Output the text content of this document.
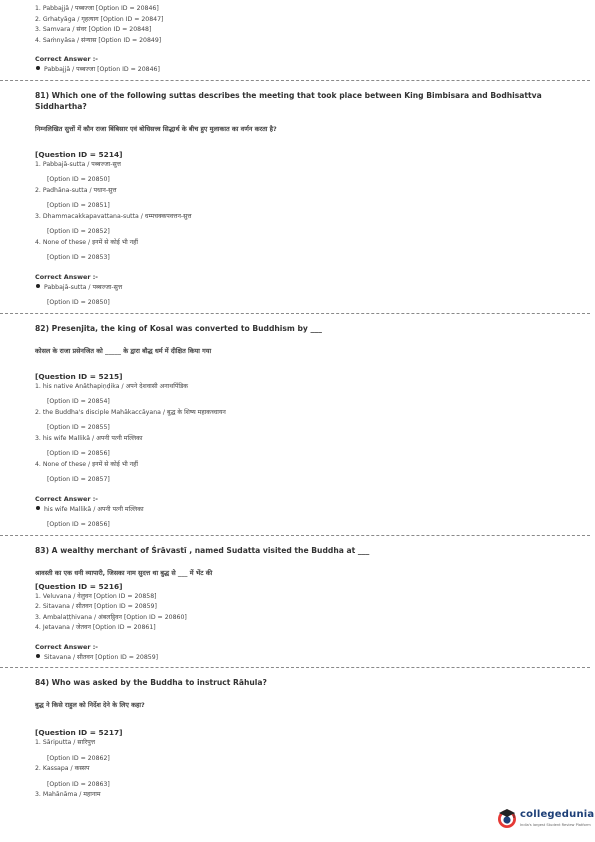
1. Pabbajjā / पब्बज्जा [Option ID = 20846]
2. Grhatyāga / गृहत्याग [Option ID = 20847]
3. Samvara / संवर [Option ID = 20848]
4. Saṁnyāsa / संन्यास [Option ID = 20849]
Correct Answer :-
Pabbajjā / पब्बज्जा [Option ID = 20846]
81) Which one of the following suttas describes the meeting that took place between King Bimbisara and Bodhisattva
Siddhartha?
निम्नलिखित सुत्तों में कौन राजा बिंबिसार एवं बोधिसत्त्व सिद्धार्थ के बीच हुए मुलाकात का वर्णन करता है?
[Question ID = 5214]
1. Pabbajā-sutta / पब्बज्जा-सुत्त
[Option ID = 20850]
2. Padhāna-sutta / पधान-सुत्त
[Option ID = 20851]
3. Dhammacakkapavattana-sutta / धम्मचक्कपवत्तन-सुत्त
[Option ID = 20852]
4. None of these / इनमें से कोई भी नहीं
[Option ID = 20853]
Correct Answer :-
Pabbajā-sutta / पब्बज्जा-सुत्त
[Option ID = 20850]
82) Presenjita, the king of Kosal was converted to Buddhism by ___
कोसल के राजा प्रसेनजित को _____ के द्वारा बौद्ध धर्म में दीक्षित किया गया
[Question ID = 5215]
1. his native Anāthapiṇḍika / अपने देशवासी अनाथपिंडिक
[Option ID = 20854]
2. the Buddha's disciple Mahākaccāyana / बुद्ध के शिष्य महाकच्चायन
[Option ID = 20855]
3. his wife Mallikā / अपनी पत्नी मल्लिका
[Option ID = 20856]
4. None of these / इनमें से कोई भी नहीं
[Option ID = 20857]
Correct Answer :-
his wife Mallikā / अपनी पत्नी मल्लिका
[Option ID = 20856]
83) A wealthy merchant of Śrāvastī , named Sudatta visited the Buddha at ___
श्रावस्ती का एक धनी व्यापारी, जिसका नाम सुदत्त था बुद्ध से ___ में भेंट की
[Question ID = 5216]
1. Veluvana / वेलुवन [Option ID = 20858]
2. Sitavana / सीतवन [Option ID = 20859]
3. Ambalaṭṭhivana / अंबलट्ठिवन [Option ID = 20860]
4. Jetavana / जेतवन [Option ID = 20861]
Correct Answer :-
Sitavana / सीतवन [Option ID = 20859]
84) Who was asked by the Buddha to instruct Rāhula?
बुद्ध ने किसे राहुल को निर्देश देने के लिए कहा?
[Question ID = 5217]
1. Sāriputta / सारिपुत्त
[Option ID = 20862]
2. Kassapa / कस्सप
[Option ID = 20863]
3. Mahānāma / महानाम
collegedunia
India's largest Student Review Platform
